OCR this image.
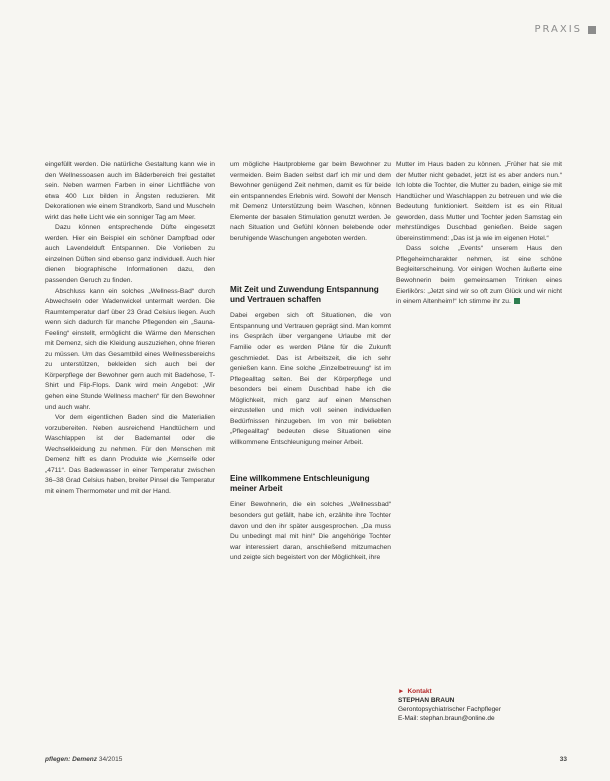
PRAXIS

eingefüllt werden. Die natürliche Gestaltung kann wie in den Wellnessoasen auch im Bäderbereich frei gestaltet sein. Neben warmen Farben in einer Lichtfläche von etwa 400 Lux bilden in Ängsten reduzieren. Mit Dekorationen wie einem Strandkorb, Sand und Muscheln wirkt das helle Licht wie ein sonniger Tag am Meer.

Dazu können entsprechende Düfte eingesetzt werden. Hier ein Beispiel ein schöner Dampfbad oder auch Lavendelduft Entspannen. Die Vorlieben zu einzelnen Düften sind ebenso ganz individuell. Auch hier dienen biographische Informationen dazu, den passenden Geruch zu finden.

Abschluss kann ein solches „Wellness-Bad“ durch Abwechseln oder Wadenwickel untermalt werden. Die Raumtemperatur darf über 23 Grad Celsius liegen. Auch wenn sich dadurch für manche Pflegenden ein „Sauna-Feeling“ einstellt, ermöglicht die Wärme den Menschen mit Demenz, sich die Kleidung auszuziehen, ohne frieren zu müssen. Um das Gesamtbild eines Wellnessbereichs zu unterstützen, bekleiden sich auch bei der Körperpflege der Bewohner gern auch mit Badehose, T-Shirt und Flip-Flops. Dank wird mein Angebot: „Wir gehen eine Stunde Wellness machen“ für den Bewohner und auch wahr.

Vor dem eigentlichen Baden sind die Materialien vorzubereiten. Neben ausreichend Handtüchern und Waschlappen ist der Bademantel oder die Wechselkleidung zu nehmen. Für den Menschen mit Demenz hilft es dann Produkte wie „Kernseife oder „4711“. Das Badewasser in einer Temperatur zwischen 36–38 Grad Celsius haben, breiter Pinsel die Temperatur mit einem Thermometer und mit der Hand.

um mögliche Hautprobleme gar beim Bewohner zu vermeiden. Beim Baden selbst darf ich mir und dem Bewohner genügend Zeit nehmen, damit es für beide ein entspannendes Erlebnis wird. Sowohl der Mensch mit Demenz Unterstützung beim Waschen, können Elemente der basalen Stimulation genutzt werden. Je nach Situation und Gefühl können belebende oder beruhigende Waschungen angeboten werden.

Mit Zeit und Zuwendung Entspannung und Vertrauen schaffen

Dabei ergeben sich oft Situationen, die von Entspannung und Vertrauen geprägt sind. Man kommt ins Gespräch über vergangene Urlaube mit der Familie oder es werden Pläne für die Zukunft geschmiedet. Das ist Arbeitszeit, die ich sehr genießen kann. Eine solche „Einzelbetreuung“ ist im Pflegealltag selten. Bei der Körperpflege und besonders bei einem Duschbad habe ich die Möglichkeit, mich ganz auf einen Menschen einzustellen und mich voll seinen individuellen Bedürfnissen hinzugeben. Im von mir beliebten „Pflegealltag“ bedeuten diese Situationen eine willkommene Entschleunigung meiner Arbeit.

Eine willkommene Entschleunigung meiner Arbeit

Einer Bewohnerin, die ein solches „Wellnessbad“ besonders gut gefällt, habe ich, erzählte ihre Tochter davon und den ihr später ausgesprochen. „Da muss Du unbedingt mal mit hin!“ Die angehörige Tochter war interessiert daran, anschließend mitzumachen und zeigte sich begeistert von der Möglichkeit, ihre

Mutter im Haus baden zu können. „Früher hat sie mit der Mutter nicht gebadet, jetzt ist es aber anders nun.“ Ich lobte die Tochter, die Mutter zu baden, einige sie mit Handtücher und Waschlappen zu betreuen und wie die Bedeutung funktioniert. Seitdem ist es ein Ritual geworden, dass Mutter und Tochter jeden Samstag ein mehrstündiges Duschbad genießen. Beide sagen übereinstimmend: „Das ist ja wie im eigenen Hotel.“

Dass solche „Events“ unserem Haus den Pflegeheimcharakter nehmen, ist eine schöne Begleiterscheinung. Vor einigen Wochen äußerte eine Bewohnerin beim gemeinsamen Trinken eines Eierlikörs: „Jetzt sind wir so oft zum Glück und wir nicht in einem Altenheim!“ Ich stimme ihr zu.

► Kontakt
STEPHAN BRAUN
Gerontopsychiatrischer Fachpfleger
E-Mail: stephan.braun@online.de
pflegen: Demenz 34/2015	33
